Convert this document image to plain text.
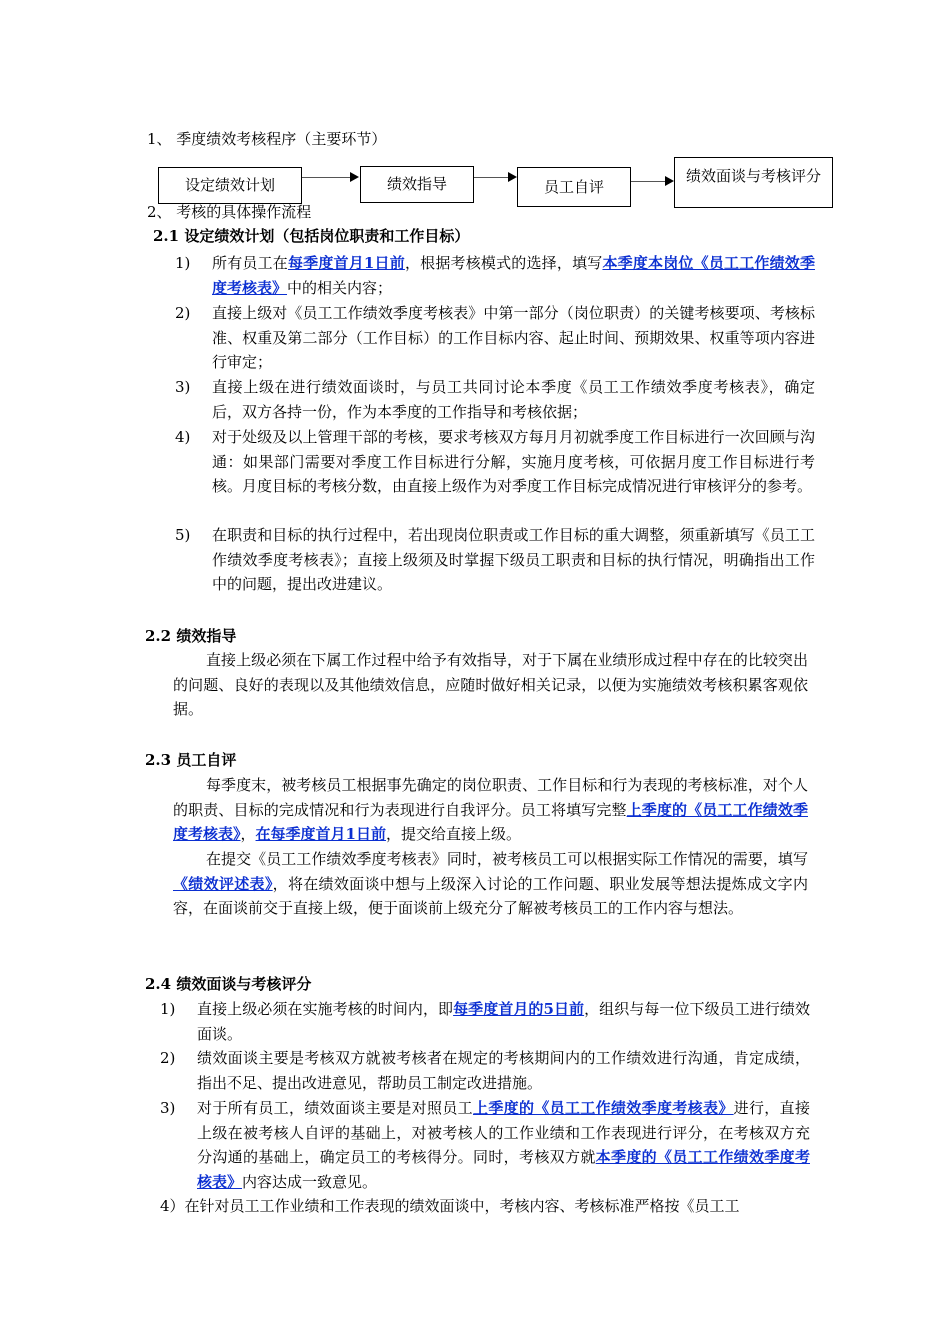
1、 季度绩效考核程序（主要环节）
设定绩效计划	绩效指导	员工自评
绩效面谈与考核评分
2、 考核的具体操作流程
2.1 设定绩效计划（包括岗位职责和工作目标）
1) 所有员工在每季度首月1日前，根据考核模式的选择，填写本季度本岗位《员工工作绩效季度考核表》中的相关内容；
2) 直接上级对《员工工作绩效季度考核表》中第一部分（岗位职责）的关键考核要项、考核标准、权重及第二部分（工作目标）的工作目标内容、起止时间、预期效果、权重等项内容进行审定；
3) 直接上级在进行绩效面谈时，与员工共同讨论本季度《员工工作绩效季度考核表》，确定后，双方各持一份，作为本季度的工作指导和考核依据；
4) 对于处级及以上管理干部的考核，要求考核双方每月月初就季度工作目标进行一次回顾与沟通：如果部门需要对季度工作目标进行分解，实施月度考核，可依据月度工作目标进行考核。月度目标的考核分数，由直接上级作为对季度工作目标完成情况进行审核评分的参考。
5) 在职责和目标的执行过程中，若出现岗位职责或工作目标的重大调整，须重新填写《员工工作绩效季度考核表》；直接上级须及时掌握下级员工职责和目标的执行情况，明确指出工作中的问题，提出改进建议。
2.2 绩效指导
直接上级必须在下属工作过程中给予有效指导，对于下属在业绩形成过程中存在的比较突出的问题、良好的表现以及其他绩效信息，应随时做好相关记录，以便为实施绩效考核积累客观依据。
2.3 员工自评
每季度末，被考核员工根据事先确定的岗位职责、工作目标和行为表现的考核标准，对个人的职责、目标的完成情况和行为表现进行自我评分。员工将填写完整上季度的《员工工作绩效季度考核表》，在每季度首月1日前，提交给直接上级。
在提交《员工工作绩效季度考核表》同时，被考核员工可以根据实际工作情况的需要，填写《绩效评述表》，将在绩效面谈中想与上级深入讨论的工作问题、职业发展等想法提炼成文字内容，在面谈前交于直接上级，便于面谈前上级充分了解被考核员工的工作内容与想法。
2.4 绩效面谈与考核评分
1) 直接上级必须在实施考核的时间内，即每季度首月的5日前，组织与每一位下级员工进行绩效面谈。
2) 绩效面谈主要是考核双方就被考核者在规定的考核期间内的工作绩效进行沟通，肯定成绩，指出不足、提出改进意见，帮助员工制定改进措施。
3) 对于所有员工，绩效面谈主要是对照员工上季度的《员工工作绩效季度考核表》进行，直接上级在被考核人自评的基础上，对被考核人的工作业绩和工作表现进行评分，在考核双方充分沟通的基础上，确定员工的考核得分。同时，考核双方就本季度的《员工工作绩效季度考核表》内容达成一致意见。
4）在针对员工工作业绩和工作表现的绩效面谈中，考核内容、考核标准严格按《员工工
